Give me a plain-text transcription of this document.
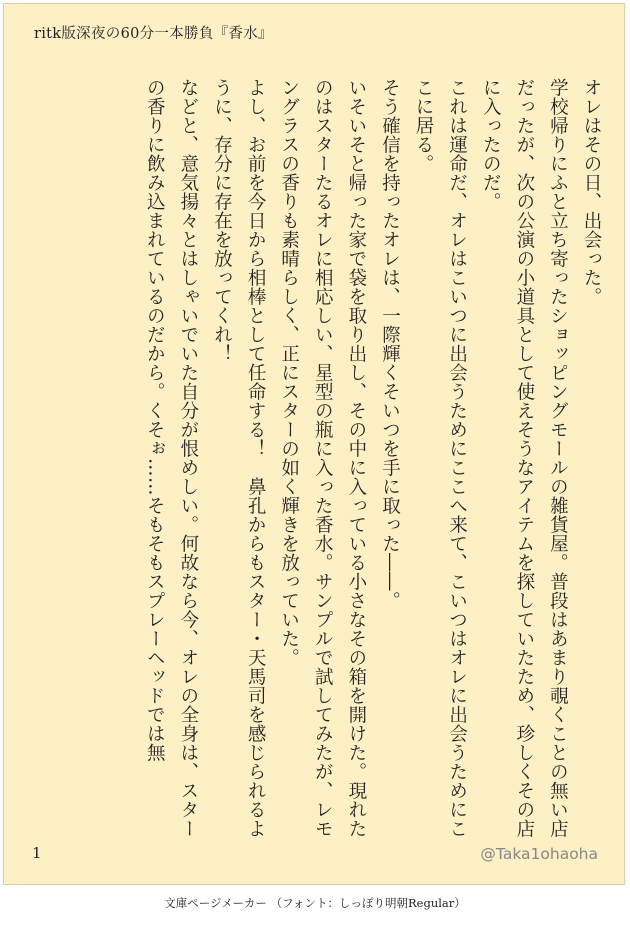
ritk版深夜の60分一本勝負『香水』

オレはその日、出会った。

学校帰りにふと立ち寄ったショッピングモールの雑貨屋。普段はあまり覗くことの無い店だったが、次の公演の小道具として使えそうなアイテムを探していたため、珍しくその店に入ったのだ。

これは運命だ、オレはこいつに出会うためにここへ来て、こいつはオレに出会うためにここに居る。

そう確信を持ったオレは、一際輝くそいつを手に取った――。

いそいそと帰った家で袋を取り出し、その中に入っている小さなその箱を開けた。現れたのはスターたるオレに相応しい、星型の瓶に入った香水。サンプルで試してみたが、レモングラスの香りも素晴らしく、正にスターの如く輝きを放っていた。

よし、お前を今日から相棒として任命する！　鼻孔からもスター・天馬司を感じられるように、存分に存在を放ってくれ！

などと、意気揚々とはしゃいでいた自分が恨めしい。何故なら今、オレの全身は、スターの香りに飲み込まれているのだから。くそぉ……そもそもスプレーヘッドでは無

1	@Taka1ohaoha
文庫ページメーカー （フォント：しっぽり明朝Regular）
